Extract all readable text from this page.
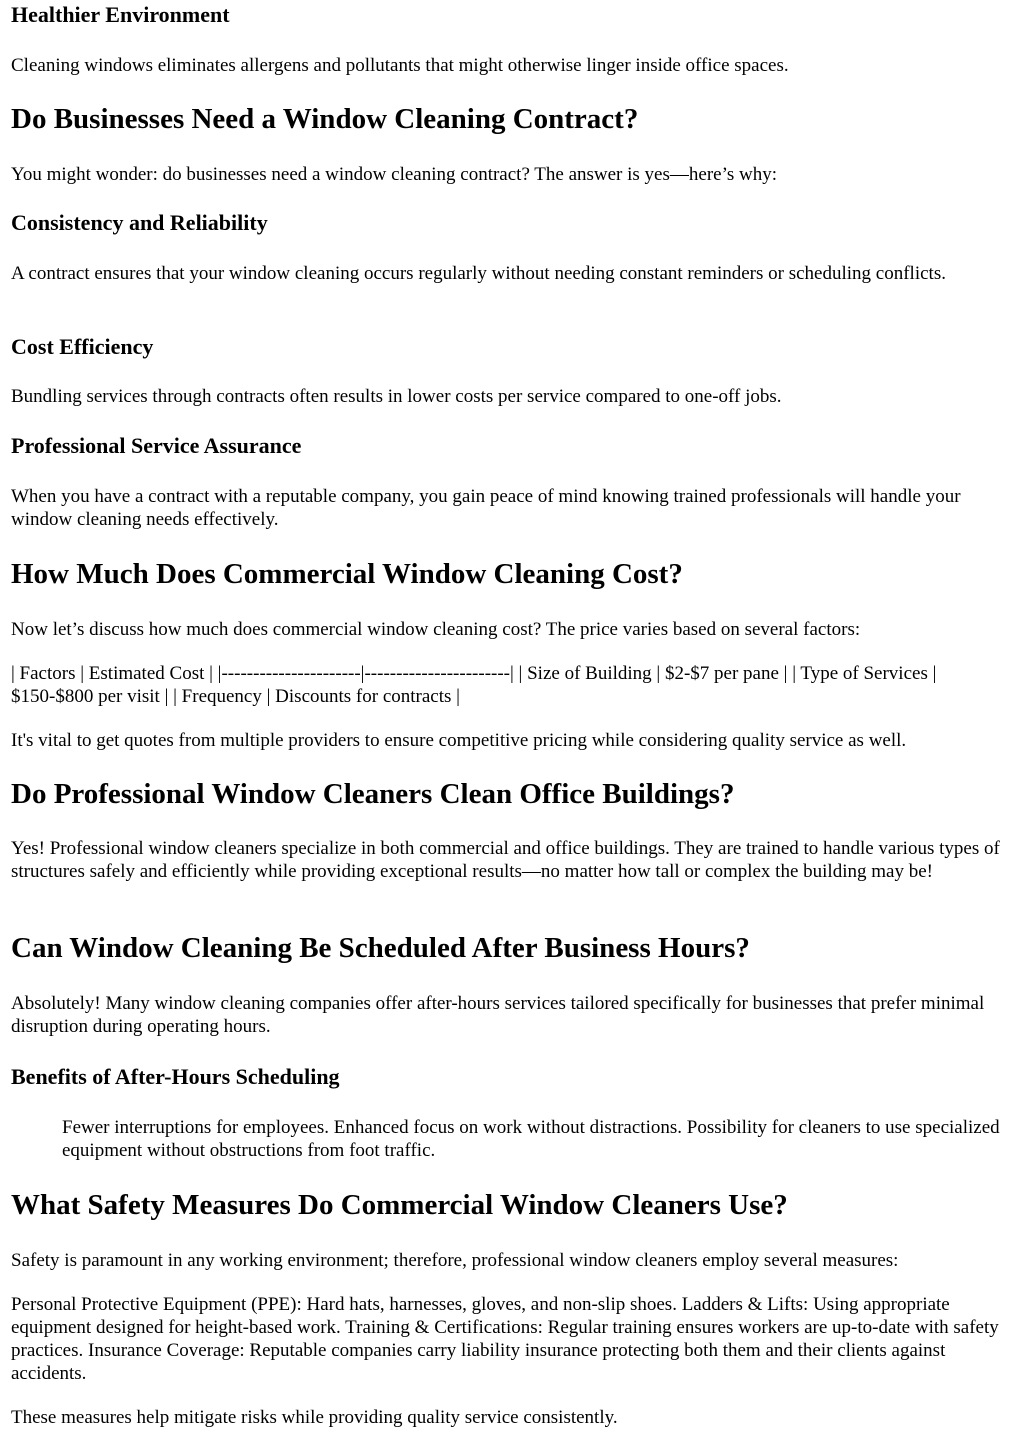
Healthier Environment

Cleaning windows eliminates allergens and pollutants that might otherwise linger inside office spaces.

Do Businesses Need a Window Cleaning Contract?

You might wonder: do businesses need a window cleaning contract? The answer is yes—here’s why:

Consistency and Reliability

A contract ensures that your window cleaning occurs regularly without needing constant reminders or scheduling conflicts.

Cost Efficiency

Bundling services through contracts often results in lower costs per service compared to one-off jobs.

Professional Service Assurance

When you have a contract with a reputable company, you gain peace of mind knowing trained professionals will handle your window cleaning needs effectively.

How Much Does Commercial Window Cleaning Cost?

Now let’s discuss how much does commercial window cleaning cost? The price varies based on several factors:

| Factors | Estimated Cost | |----------------------|-----------------------| | Size of Building | $2-$7 per pane | | Type of Services | $150-$800 per visit | | Frequency | Discounts for contracts |

It's vital to get quotes from multiple providers to ensure competitive pricing while considering quality service as well.

Do Professional Window Cleaners Clean Office Buildings?

Yes! Professional window cleaners specialize in both commercial and office buildings. They are trained to handle various types of structures safely and efficiently while providing exceptional results—no matter how tall or complex the building may be!

Can Window Cleaning Be Scheduled After Business Hours?

Absolutely! Many window cleaning companies offer after-hours services tailored specifically for businesses that prefer minimal disruption during operating hours.

Benefits of After-Hours Scheduling

Fewer interruptions for employees. Enhanced focus on work without distractions. Possibility for cleaners to use specialized equipment without obstructions from foot traffic.

What Safety Measures Do Commercial Window Cleaners Use?

Safety is paramount in any working environment; therefore, professional window cleaners employ several measures:

Personal Protective Equipment (PPE): Hard hats, harnesses, gloves, and non-slip shoes. Ladders & Lifts: Using appropriate equipment designed for height-based work. Training & Certifications: Regular training ensures workers are up-to-date with safety practices. Insurance Coverage: Reputable companies carry liability insurance protecting both them and their clients against accidents.

These measures help mitigate risks while providing quality service consistently.
